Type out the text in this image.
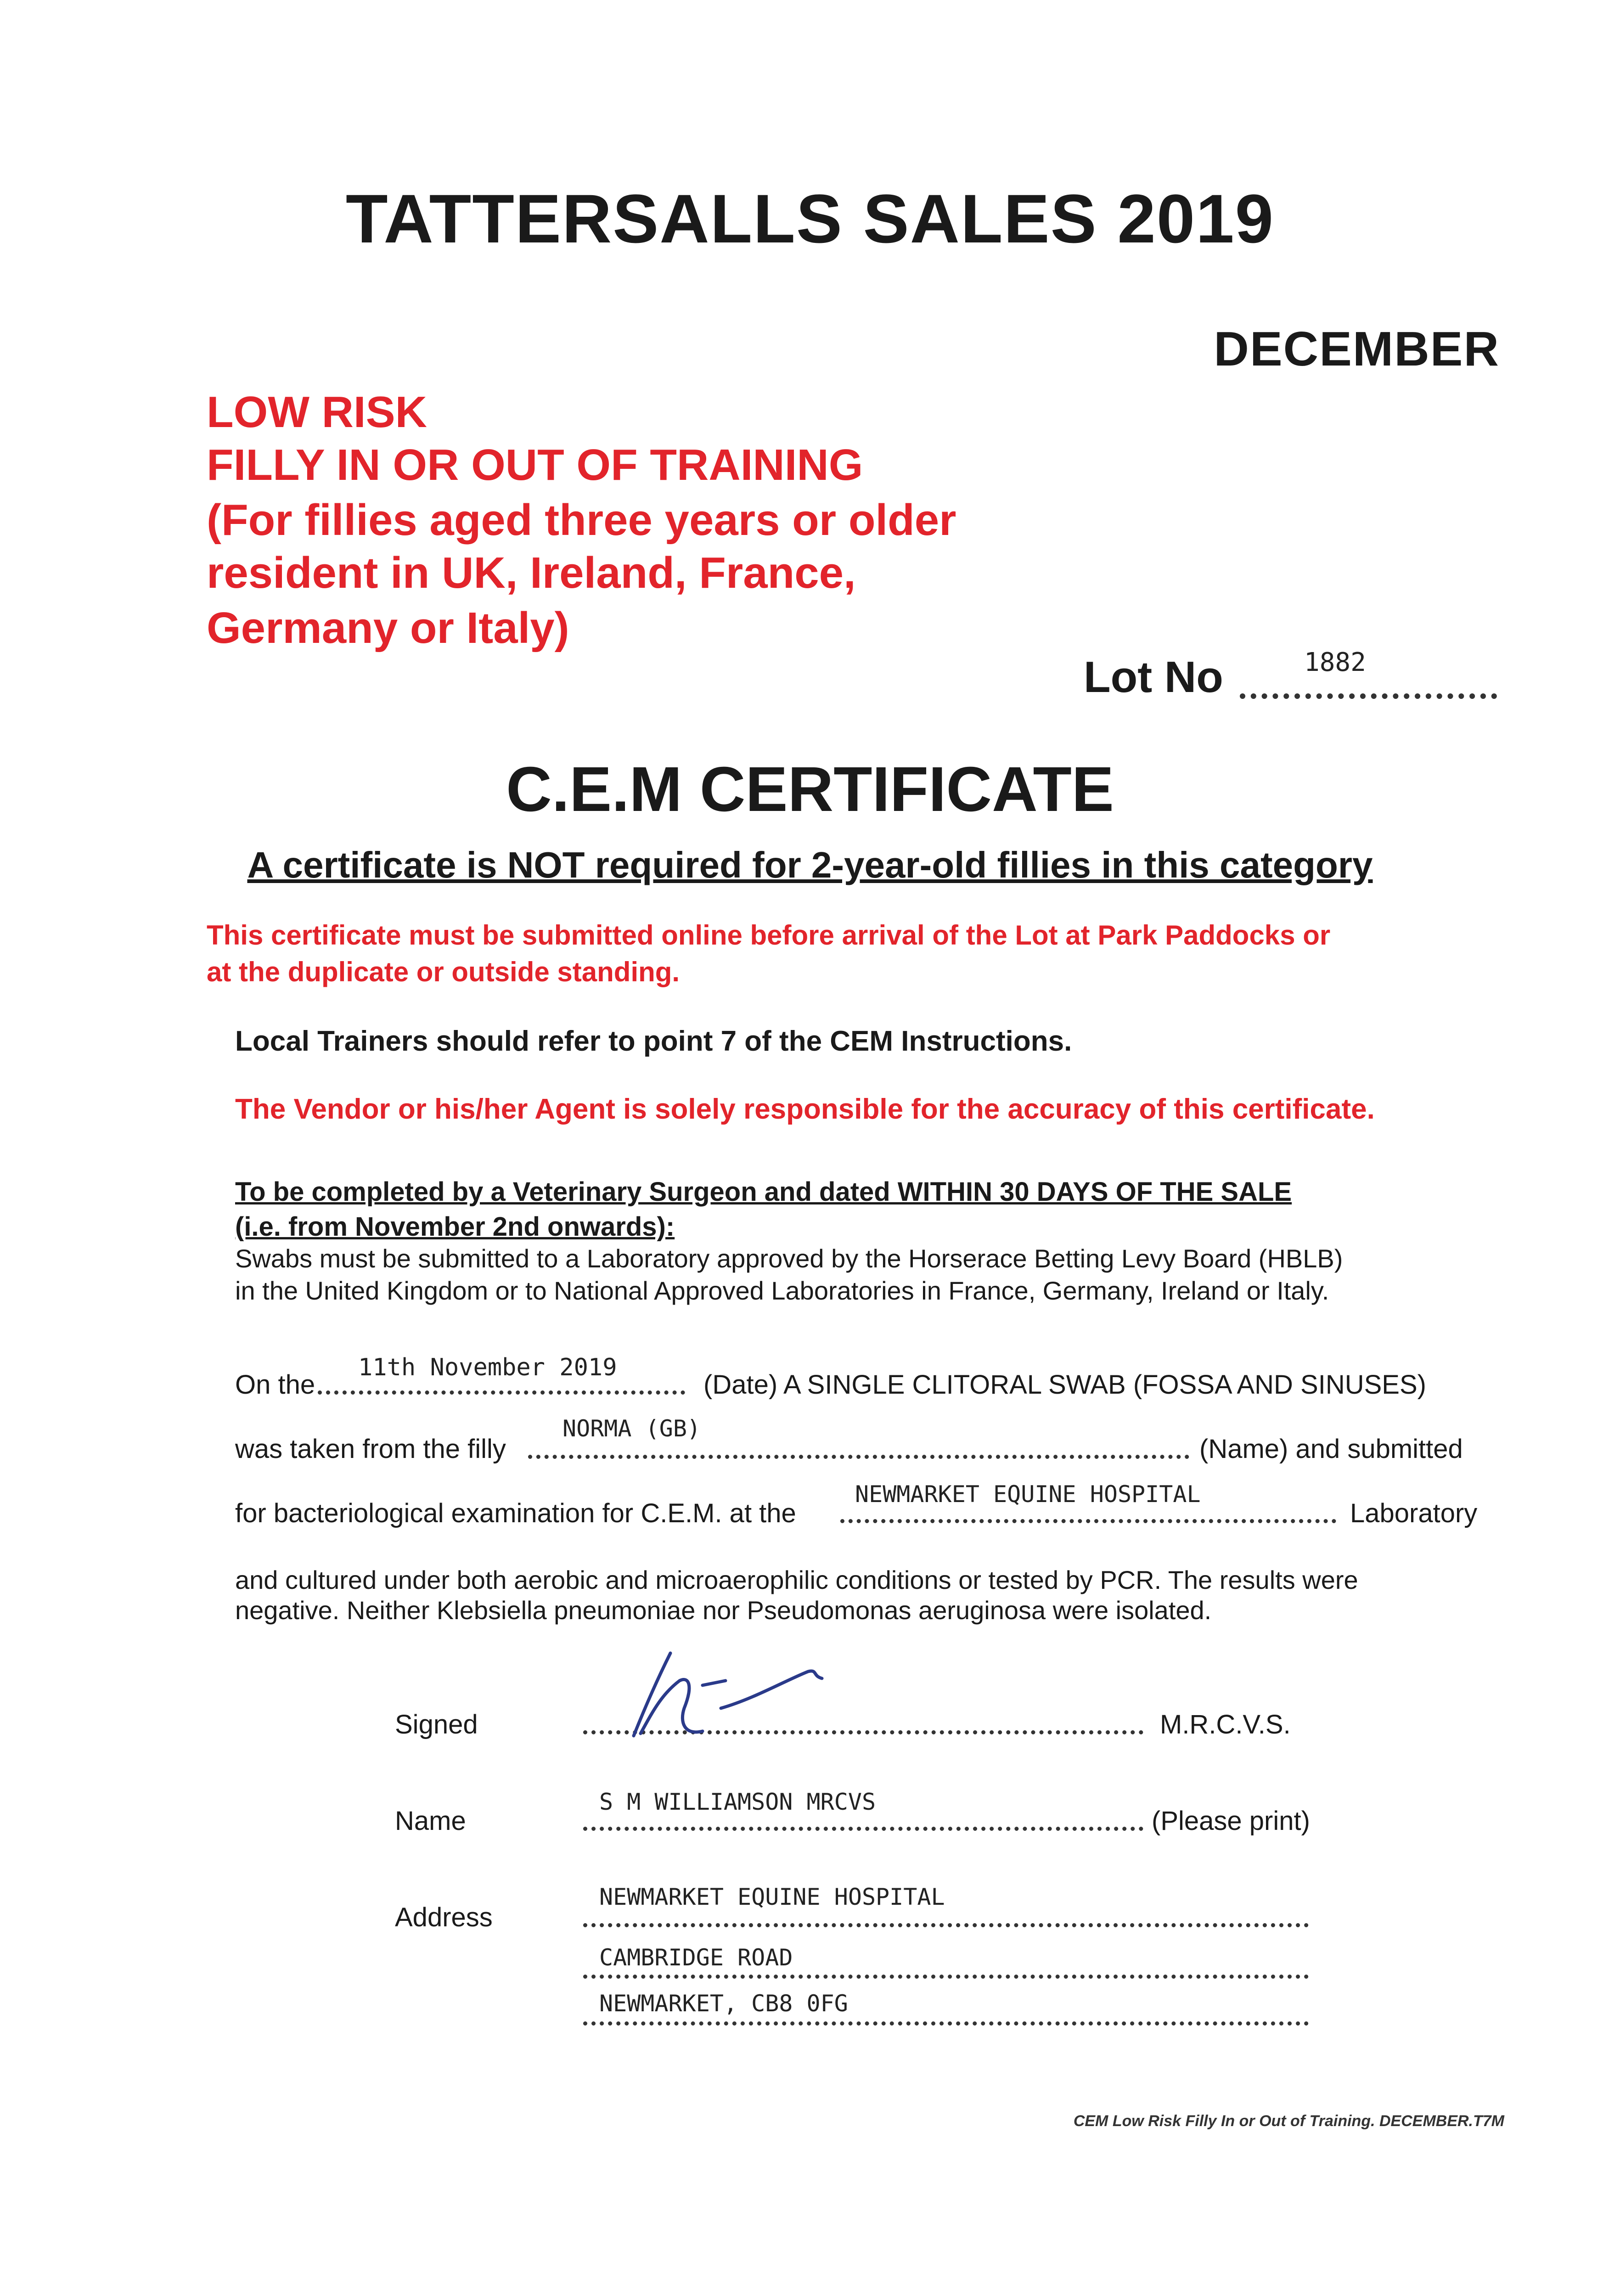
TATTERSALLS SALES 2019
DECEMBER
LOW RISK
FILLY IN OR OUT OF TRAINING
(For fillies aged three years or older
resident in UK, Ireland, France,
Germany or Italy)
Lot No	1882
C.E.M CERTIFICATE
A certificate is NOT required for 2-year-old fillies in this category
This certificate must be submitted online before arrival of the Lot at Park Paddocks or
at the duplicate or outside standing.
Local Trainers should refer to point 7 of the CEM Instructions.
The Vendor or his/her Agent is solely responsible for the accuracy of this certificate.
To be completed by a Veterinary Surgeon and dated WITHIN 30 DAYS OF THE SALE
(i.e. from November 2nd onwards):
Swabs must be submitted to a Laboratory approved by the Horserace Betting Levy Board (HBLB)
in the United Kingdom or to National Approved Laboratories in France, Germany, Ireland or Italy.
On the
11th November 2019
(Date) A SINGLE CLITORAL SWAB (FOSSA AND SINUSES)
was taken from the filly
NORMA (GB)
(Name) and submitted
for bacteriological examination for C.E.M. at the
NEWMARKET EQUINE HOSPITAL
Laboratory
and cultured under both aerobic and microaerophilic conditions or tested by PCR. The results were
negative. Neither Klebsiella pneumoniae nor Pseudomonas aeruginosa were isolated.
Signed	M.R.C.V.S.
Name
S M WILLIAMSON MRCVS
(Please print)
Address
NEWMARKET EQUINE HOSPITAL
CAMBRIDGE ROAD
NEWMARKET, CB8 0FG
CEM Low Risk Filly In or Out of Training. DECEMBER.T7M
